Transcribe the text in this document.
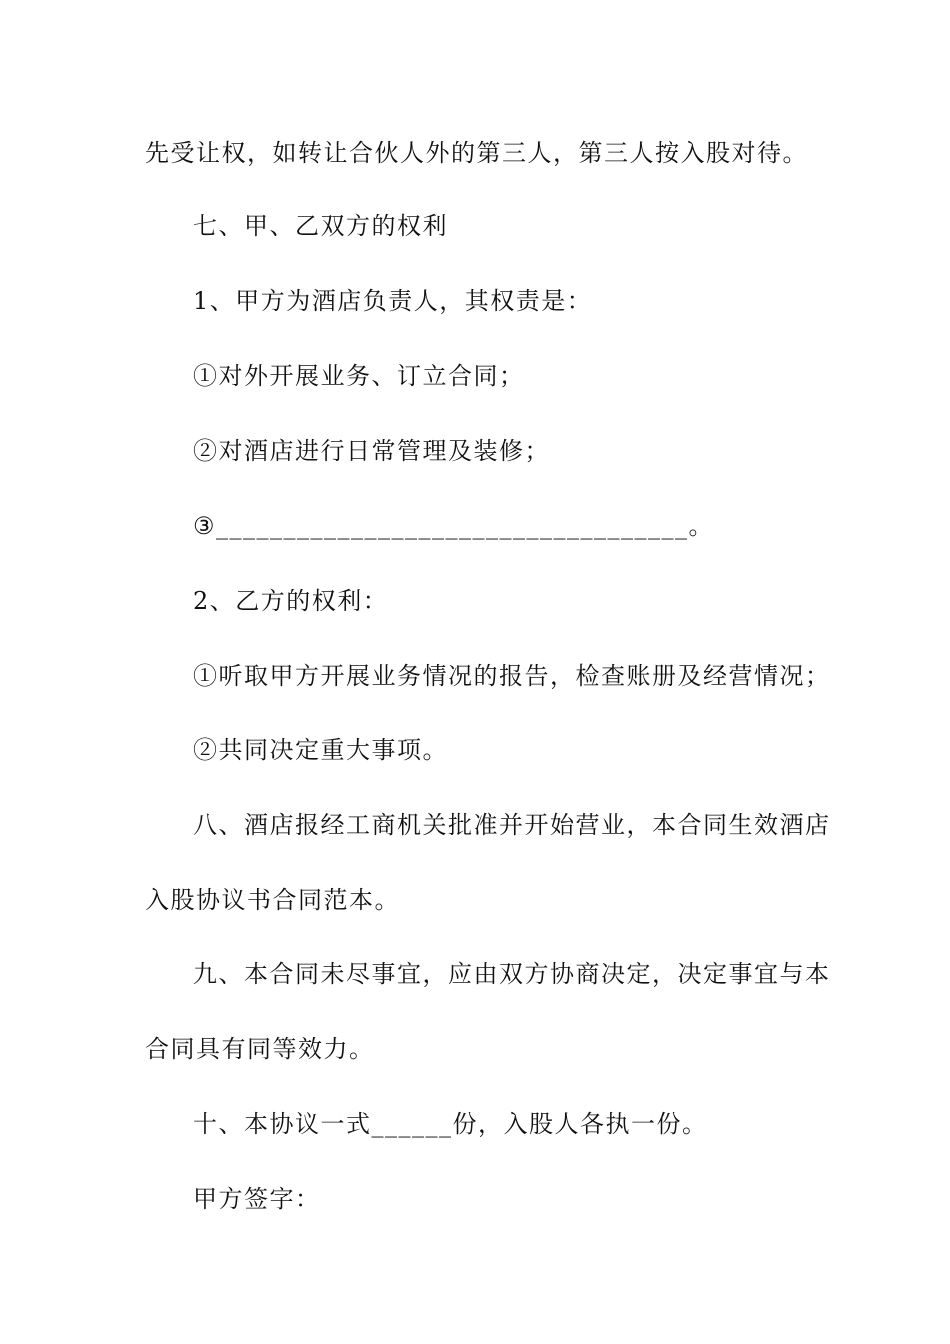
先受让权，如转让合伙人外的第三人，第三人按入股对待。
七、甲、乙双方的权利
1、甲方为酒店负责人，其权责是：
①对外开展业务、订立合同；
②对酒店进行日常管理及装修；
③___________________________________。
2、乙方的权利：
①听取甲方开展业务情况的报告，检查账册及经营情况；
②共同决定重大事项。
八、酒店报经工商机关批准并开始营业，本合同生效酒店
入股协议书合同范本。
九、本合同未尽事宜，应由双方协商决定，决定事宜与本
合同具有同等效力。
十、本协议一式______份，入股人各执一份。
甲方签字：
